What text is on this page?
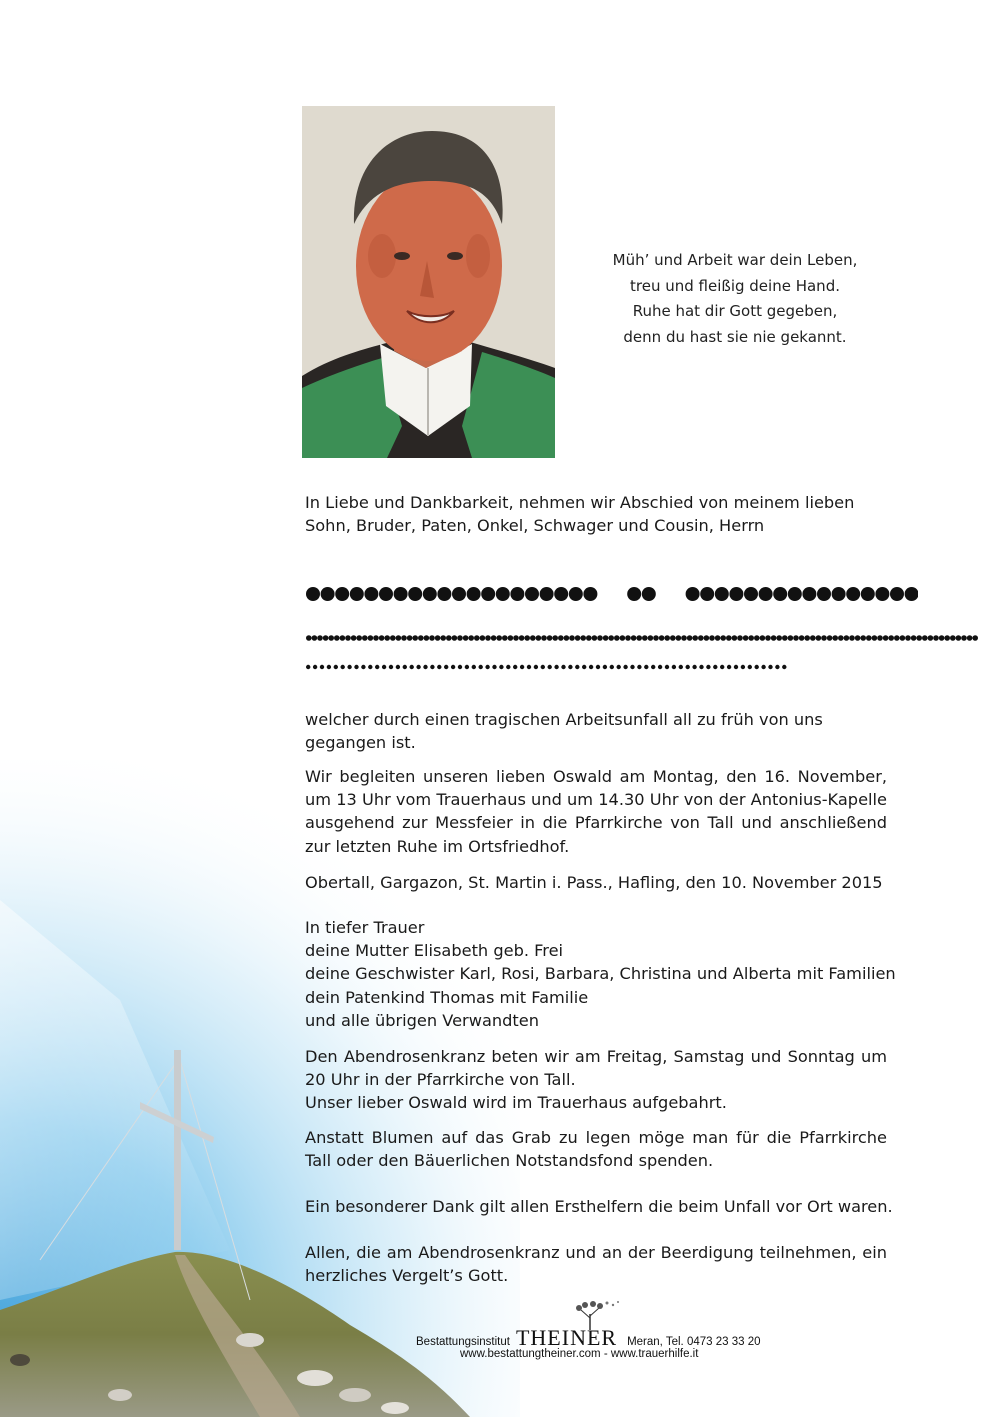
Müh’ und Arbeit war dein Leben,
treu und fleißig deine Hand.
Ruhe hat dir Gott gegeben,
denn du hast sie nie gekannt.
In Liebe und Dankbarkeit, nehmen wir Abschied von meinem lieben Sohn, Bruder, Paten, Onkel, Schwager und Cousin, Herrn
welcher durch einen tragischen Arbeitsunfall all zu früh von uns gegangen ist.
Wir begleiten unseren lieben Oswald am Montag, den 16. November, um 13 Uhr vom Trauerhaus und um 14.30 Uhr von der Antonius-Kapelle ausgehend zur Messfeier in die Pfarrkirche von Tall und anschließend zur letzten Ruhe im Ortsfriedhof.
Obertall, Gargazon, St. Martin i. Pass., Hafling, den 10. November 2015
In tiefer Trauer
deine Mutter Elisabeth geb. Frei
deine Geschwister Karl, Rosi, Barbara, Christina und Alberta mit Familien
dein Patenkind Thomas mit Familie
und alle übrigen Verwandten
Den Abendrosenkranz beten wir am Freitag, Samstag und Sonntag um 20 Uhr in der Pfarrkirche von Tall.
Unser lieber Oswald wird im Trauerhaus aufgebahrt.
Anstatt Blumen auf das Grab zu legen möge man für die Pfarrkirche Tall oder den Bäuerlichen Notstandsfond spenden.
Ein besonderer Dank gilt allen Ersthelfern die beim Unfall vor Ort waren.
Allen, die am Abendrosenkranz und an der Beerdigung teilnehmen, ein herzliches Vergelt’s Gott.
Bestattungsinstitut THEINER Meran, Tel. 0473 23 33 20
www.bestattungtheiner.com - www.trauerhilfe.it
